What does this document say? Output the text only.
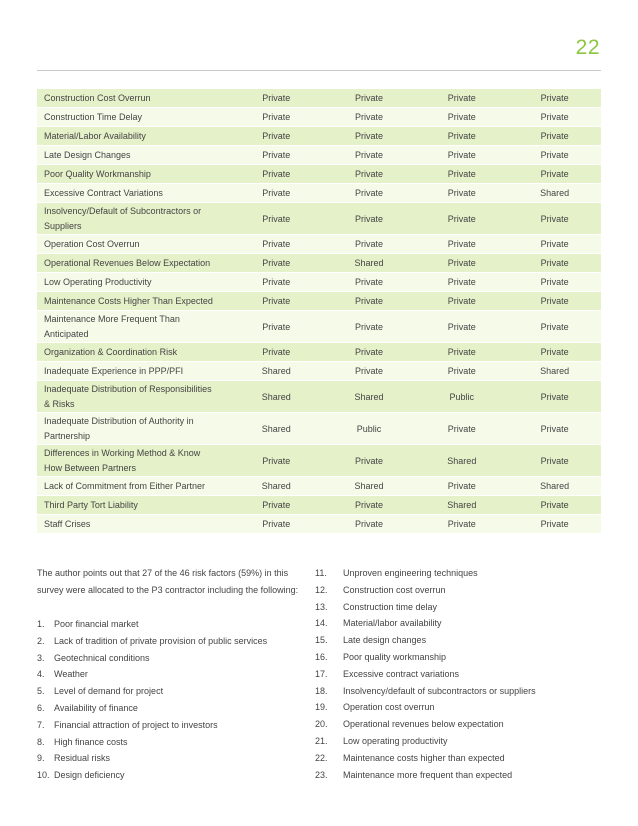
22
Construction Cost Overrun	Private	Private	Private	Private
Construction Time Delay	Private	Private	Private	Private
Material/Labor Availability	Private	Private	Private	Private
Late Design Changes	Private	Private	Private	Private
Poor Quality Workmanship	Private	Private	Private	Private
Excessive Contract Variations	Private	Private	Private	Shared
Insolvency/Default of Subcontractors or
Suppliers	Private	Private	Private	Private
Operation Cost Overrun	Private	Private	Private	Private
Operational Revenues Below Expectation	Private	Shared	Private	Private
Low Operating Productivity	Private	Private	Private	Private
Maintenance Costs Higher Than Expected	Private	Private	Private	Private
Maintenance More Frequent Than
Anticipated	Private	Private	Private	Private
Organization & Coordination Risk	Private	Private	Private	Private
Inadequate Experience in PPP/PFI	Shared	Private	Private	Shared
Inadequate Distribution of Responsibilities
& Risks	Shared	Shared	Public	Private
Inadequate Distribution of Authority in
Partnership	Shared	Public	Private	Private
Differences in Working Method & Know
How Between Partners	Private	Private	Shared	Private
Lack of Commitment from Either Partner	Shared	Shared	Private	Shared
Third Party Tort Liability	Private	Private	Shared	Private
Staff Crises	Private	Private	Private	Private
The author points out that 27 of the 46 risk factors (59%) in this survey were allocated to the P3 contractor including the following:
1. Poor financial market
2. Lack of tradition of private provision of public services
3. Geotechnical conditions
4. Weather
5. Level of demand for project
6. Availability of finance
7. Financial attraction of project to investors
8. High finance costs
9. Residual risks
10. Design deficiency
11. Unproven engineering techniques
12. Construction cost overrun
13. Construction time delay
14. Material/labor availability
15. Late design changes
16. Poor quality workmanship
17. Excessive contract variations
18. Insolvency/default of subcontractors or suppliers
19. Operation cost overrun
20. Operational revenues below expectation
21. Low operating productivity
22. Maintenance costs higher than expected
23. Maintenance more frequent than expected
